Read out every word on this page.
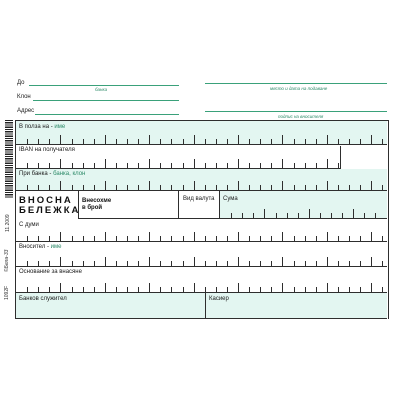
1092F
11.2009
©Бела-33
До
банка
Клон
Адрес
място и дата на подаване
подпис на вносителя
В полза на - име
IBAN на получателя
При банка - банка, клон
ВНОСНА
БЕЛЕЖКА
Внесохме
в брой
Вид валута Сума
С думи
Вносител - име
Основание за внасяне
Банков служител	Касиер
